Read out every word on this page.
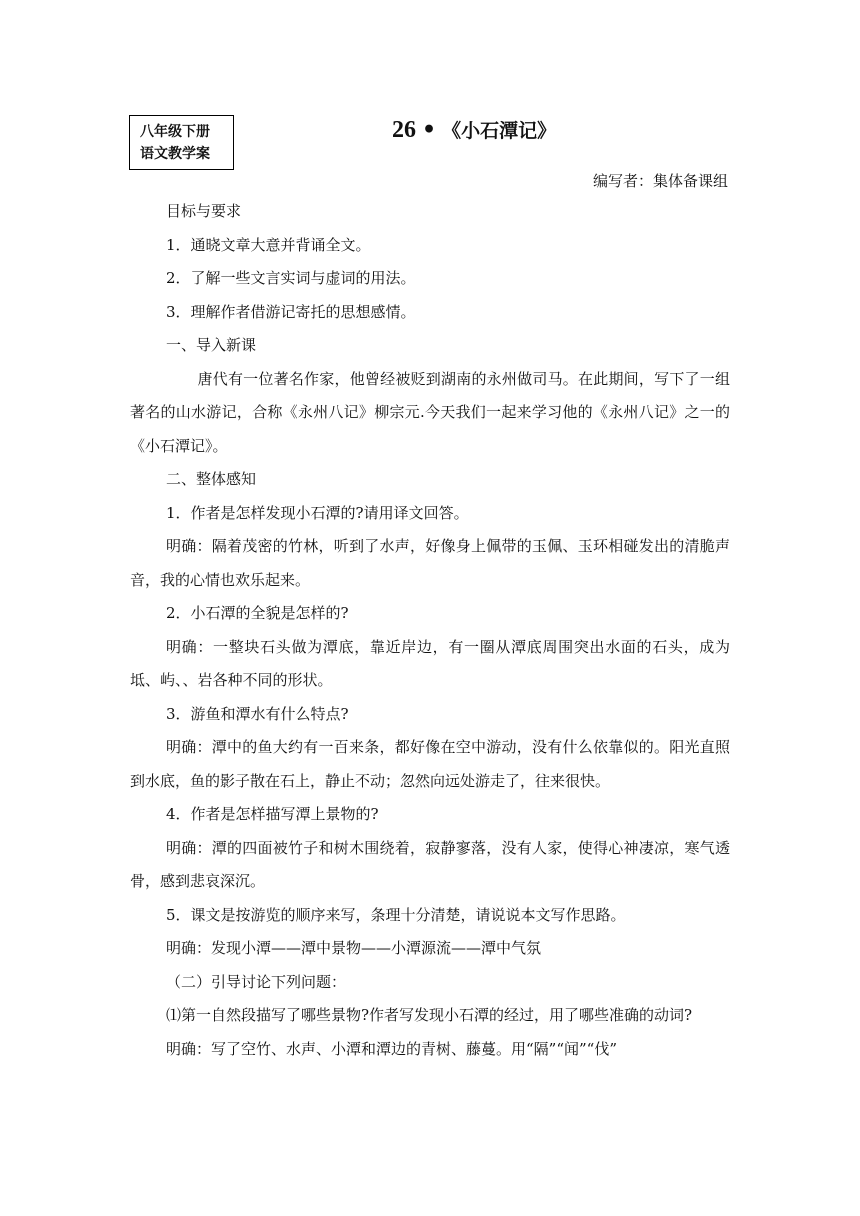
八年级下册
语文教学案
26 • 《小石潭记》
编写者：集体备课组
目标与要求
1．通晓文章大意并背诵全文。
2．了解一些文言实词与虚词的用法。
3．理解作者借游记寄托的思想感情。
一、导入新课
唐代有一位著名作家，他曾经被贬到湖南的永州做司马。在此期间，写下了一组著名的山水游记，合称《永州八记》柳宗元.今天我们一起来学习他的《永州八记》之一的《小石潭记》。
二、整体感知
1．作者是怎样发现小石潭的?请用译文回答。
明确：隔着茂密的竹林，听到了水声，好像身上佩带的玉佩、玉环相碰发出的清脆声音，我的心情也欢乐起来。
2．小石潭的全貌是怎样的?
明确：一整块石头做为潭底，靠近岸边，有一圈从潭底周围突出水面的石头，成为坻、屿、、岩各种不同的形状。
3．游鱼和潭水有什么特点?
明确：潭中的鱼大约有一百来条，都好像在空中游动，没有什么依靠似的。阳光直照到水底，鱼的影子散在石上，静止不动；忽然向远处游走了，往来很快。
4．作者是怎样描写潭上景物的?
明确：潭的四面被竹子和树木围绕着，寂静寥落，没有人家，使得心神凄凉，寒气透骨，感到悲哀深沉。
5．课文是按游览的顺序来写，条理十分清楚，请说说本文写作思路。
明确：发现小潭——潭中景物——小潭源流——潭中气氛
（二）引导讨论下列问题：
⑴第一自然段描写了哪些景物?作者写发现小石潭的经过，用了哪些准确的动词?
明确：写了空竹、水声、小潭和潭边的青树、藤蔓。用“隔”“闻”“伐”
